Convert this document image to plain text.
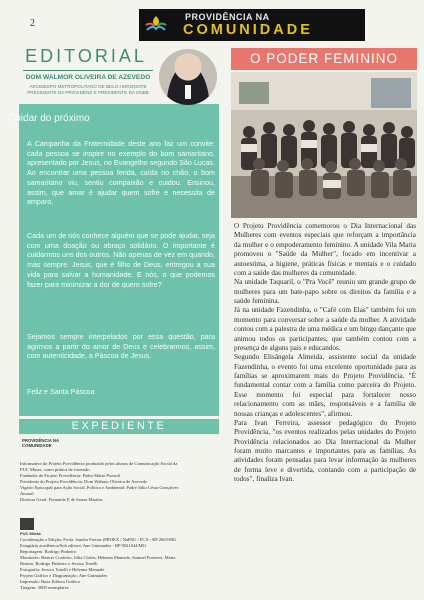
2
PROVIDÊNCIA NA
COMUNIDADE
EDITORIAL
DOM WALMOR OLIVEIRA DE AZEVEDO
ARCEBISPO METROPOLITANO DE BELO HORIZONTE
PRESIDENTE DA PROVIDÊNS E PRESIDENTE DA CNBB
Cuidar do próximo

A Campanha da Fraternidade deste ano faz um convite: cada pessoa se inspire no exemplo do bom samaritano, apresentado por Jesus, no Evangelho segundo São Lucas. Ao encontrar uma pessoa ferida, caída no chão, o bom samaritano viu, sentiu compaixão e cuidou. Ensinou, assim, que amar é ajudar quem sofre e necessita de amparo.

Cada um de nós conhece alguém que se pode ajudar, seja com uma doação ou abraço solidário. O importante é cuidarmos uns dos outros. Não apenas de vez em quando, mas sempre. Jesus, que é filho de Deus, entregou a sua vida para salvar a humanidade. E nós, o que podemos fazer para minimizar a dor de quem sofre?

Sejamos sempre interpelados por essa questão, para agirmos a partir do amor de Deus e celebrarmos, assim, com autenticidade, a Páscoa de Jesus.

Feliz e Santa Páscoa

EXPEDIENTE
PROVIDÊNCIA NA
COMUNIDADE
Informativo do Projeto Providência produzido pelos alunos de Comunicação Social da
PUC Minas, como prática de extensão
Fundador do Projeto Providência: Padre Mário Pozzoli
Presidente do Projeto Providência: Dom Walmor Oliveira de Azevedo
Vigário Episcopal para Ação Social, Política e Ambiental: Padre Júlio César Gonçalves
Amaral
Diretora Geral: Fernanda E de Souza Martins
PUC Minas
Coordenação e Edição: Profa. Sandra Freitas (PROEX / NaPSU / FCA - RP 2665/MG
Estagiária acadêmica/Sub editora: Ane Guimarães - RP 9021644/MG
Reportagem: Rodrigo Pinheiro
Monitores: Beatriz Cordeiro, Júlia Côrtes, Helenna Manuale, Samuel Prazeres, Maria
Beatriz, Rodrigo Pinheiro e Jessica Tonelli
Fotografia: Jessica Tonelli e Helenna Manuale
Projeto Gráfico e Diagramação: Ane Guimarães
Impressão: Buzz Editora Gráfica
Tiragem: 3000 exemplares
O PODER FEMININO

O Projeto Providência comemorou o Dia Internacional das Mulheres com eventos especiais que reforçam a importância da mulher e o empoderamento feminino. A unidade Vila Maria promoveu o "Saúde da Mulher", focado em incentivar a autoestima, a higiene, práticas físicas e mentais e o cuidado com a saúde das mulheres da comunidade.

Na unidade Taquaril, o "Pra Você" reuniu um grande grupo de mulheres para um bate-papo sobre os direitos da família e a saúde feminina.

Já na unidade Fazendinha, o "Café com Elas" também foi um momento para conversar sobre a saúde da mulher. A atividade contou com a palestra de uma médica e um bingo dançante que animou todos os participantes, que também contou com a presença de alguns pais e educandos.

Segundo Elisângela Almeida, assistente social da unidade Fazendinha, o evento foi uma excelente oportunidade para as famílias se aproximarem mais do Projeto Providência. "É fundamental contar com a família como parceira do Projeto. Esse momento foi especial para fortalecer nosso relacionamento com as mães, responsáveis e a família de nossas crianças e adolescentes", afirmou.

Para Ivan Ferreira, assessor pedagógico do Projeto Providência, "os eventos realizados pelas unidades do Projeto Providência relacionados ao Dia Internacional da Mulher foram muito marcantes e importantes para as famílias. As atividades foram pensadas para levar informação às mulheres de forma leve e divertida, contando com a participação de todos", finaliza Ivan.
